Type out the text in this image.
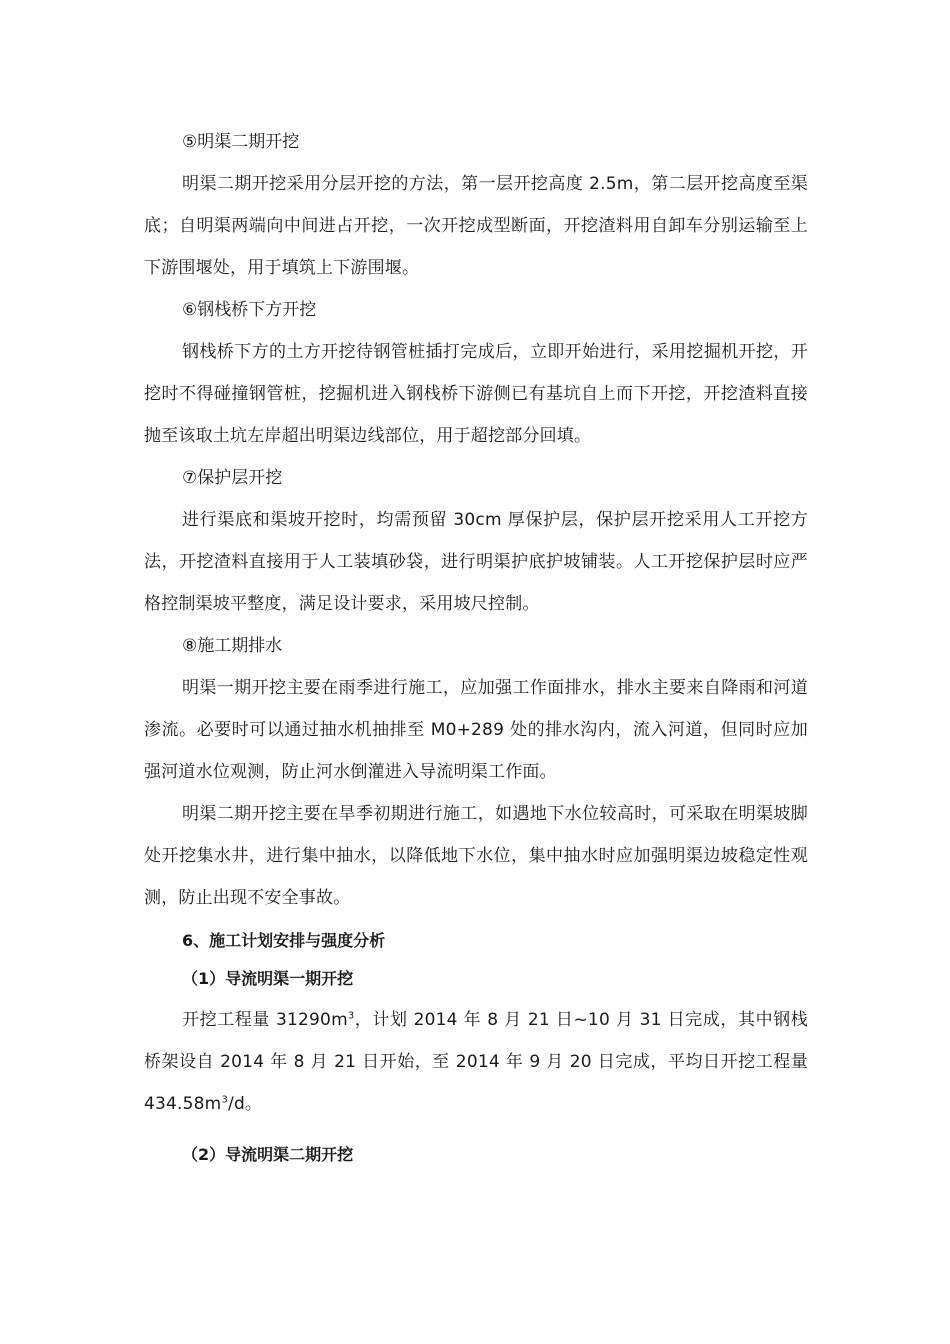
⑤明渠二期开挖

明渠二期开挖采用分层开挖的方法，第一层开挖高度 2.5m，第二层开挖高度至渠底；自明渠两端向中间进占开挖，一次开挖成型断面，开挖渣料用自卸车分别运输至上下游围堰处，用于填筑上下游围堰。

⑥钢栈桥下方开挖

钢栈桥下方的土方开挖待钢管桩插打完成后，立即开始进行，采用挖掘机开挖，开挖时不得碰撞钢管桩，挖掘机进入钢栈桥下游侧已有基坑自上而下开挖，开挖渣料直接抛至该取土坑左岸超出明渠边线部位，用于超挖部分回填。

⑦保护层开挖

进行渠底和渠坡开挖时，均需预留 30cm 厚保护层，保护层开挖采用人工开挖方法，开挖渣料直接用于人工装填砂袋，进行明渠护底护坡铺装。人工开挖保护层时应严格控制渠坡平整度，满足设计要求，采用坡尺控制。

⑧施工期排水

明渠一期开挖主要在雨季进行施工，应加强工作面排水，排水主要来自降雨和河道渗流。必要时可以通过抽水机抽排至 M0+289 处的排水沟内，流入河道，但同时应加强河道水位观测，防止河水倒灌进入导流明渠工作面。

明渠二期开挖主要在旱季初期进行施工，如遇地下水位较高时，可采取在明渠坡脚处开挖集水井，进行集中抽水，以降低地下水位，集中抽水时应加强明渠边坡稳定性观测，防止出现不安全事故。

6、施工计划安排与强度分析

（1）导流明渠一期开挖

开挖工程量 $31290m^3$，计划 2014 年 8 月 21 日~10 月 31 日完成，其中钢栈桥架设自 2014 年 8 月 21 日开始，至 2014 年 9 月 20 日完成，平均日开挖工程量 $434.58m^3/d$。

（2）导流明渠二期开挖
